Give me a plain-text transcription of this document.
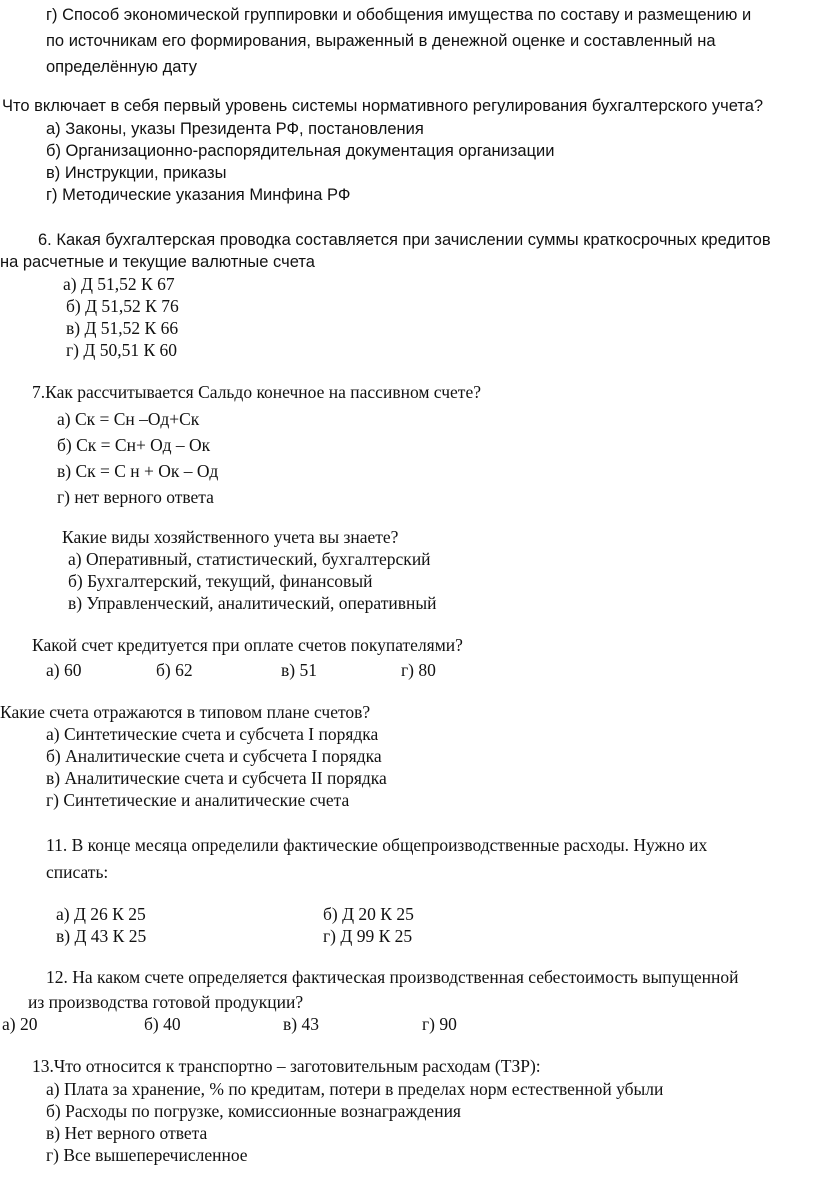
г) Способ экономической группировки и обобщения имущества по составу и размещению и
по источникам его формирования, выраженный в денежной оценке и составленный на
определённую дату
Что включает в себя первый уровень системы нормативного регулирования бухгалтерского учета?
а) Законы, указы Президента РФ, постановления
б) Организационно-распорядительная документация организации
в) Инструкции, приказы
г) Методические указания Минфина РФ
6. Какая бухгалтерская проводка составляется при зачислении суммы краткосрочных кредитов
на расчетные и текущие валютные счета
а) Д 51,52 К 67
б) Д 51,52 К 76
в) Д 51,52 К 66
г) Д 50,51 К 60
7.Как рассчитывается Сальдо конечное на пассивном счете?
а) Ск = Сн –Од+Ск
б) Ск = Сн+ Од – Ок
в) Ск = С н + Ок – Од
г) нет верного ответа
Какие виды хозяйственного учета вы знаете?
а) Оперативный, статистический, бухгалтерский
б) Бухгалтерский, текущий, финансовый
в) Управленческий, аналитический, оперативный
Какой счет кредитуется при оплате счетов покупателями?
а) 60	б) 62	в) 51	г) 80
Какие счета отражаются в типовом плане счетов?
а) Синтетические счета и субсчета I порядка
б) Аналитические счета и субсчета I порядка
в) Аналитические счета и субсчета II порядка
г) Синтетические и аналитические счета
11. В конце месяца определили фактические общепроизводственные расходы. Нужно их
списать:
а) Д 26 К 25	б) Д 20 К 25
в) Д 43 К 25	г) Д 99 К 25
12. На каком счете определяется фактическая производственная себестоимость выпущенной
из производства готовой продукции?
а) 20	б) 40	в) 43	г) 90
13.Что относится к транспортно – заготовительным расходам (ТЗР):
а) Плата за хранение, % по кредитам, потери в пределах норм естественной убыли
б) Расходы по погрузке, комиссионные вознаграждения
в) Нет верного ответа
г) Все вышеперечисленное
